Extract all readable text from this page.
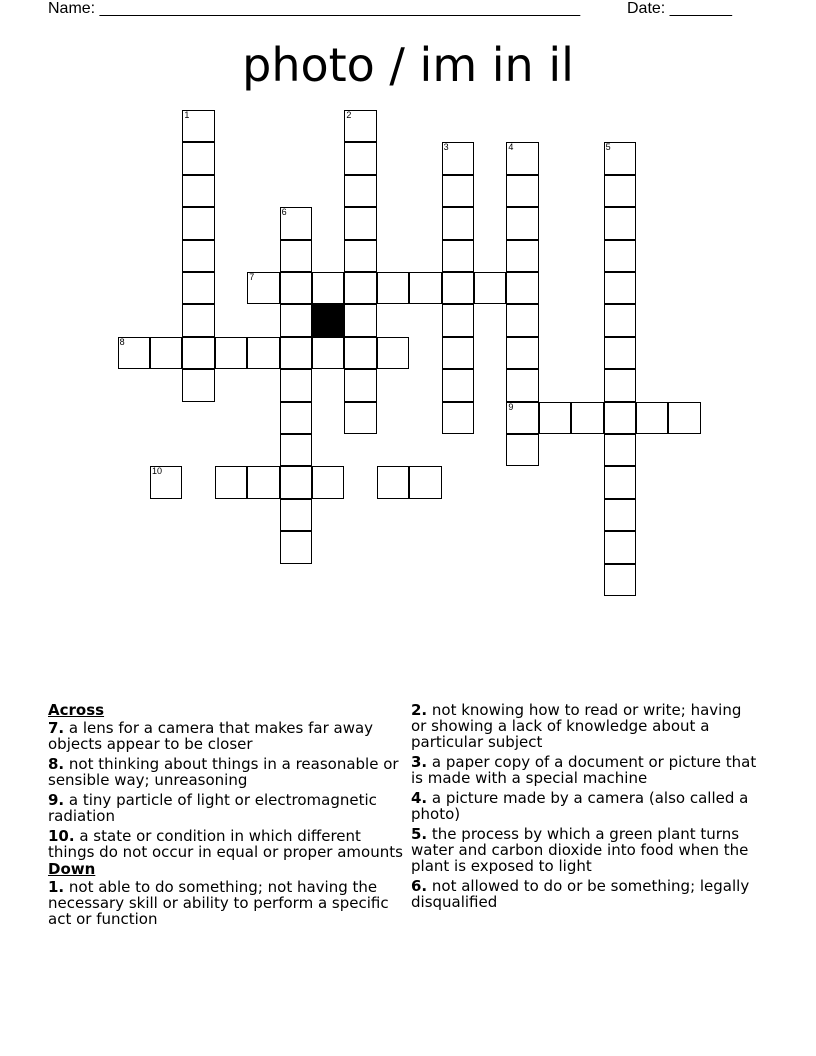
Name: ______________________________________________________	Date: _______
photo / im in il
1	2
3	4
9
5
6
7
8
10
Across
7. a lens for a camera that makes far away objects appear to be closer
8. not thinking about things in a reasonable or sensible way; unreasoning
9. a tiny particle of light or electromagnetic radiation
10. a state or condition in which different things do not occur in equal or proper amounts
Down
1. not able to do something; not having the necessary skill or ability to perform a specific act or function
2. not knowing how to read or write; having or showing a lack of knowledge about a particular subject
3. a paper copy of a document or picture that is made with a special machine
4. a picture made by a camera (also called a photo)
5. the process by which a green plant turns water and carbon dioxide into food when the plant is exposed to light
6. not allowed to do or be something; legally disqualified
